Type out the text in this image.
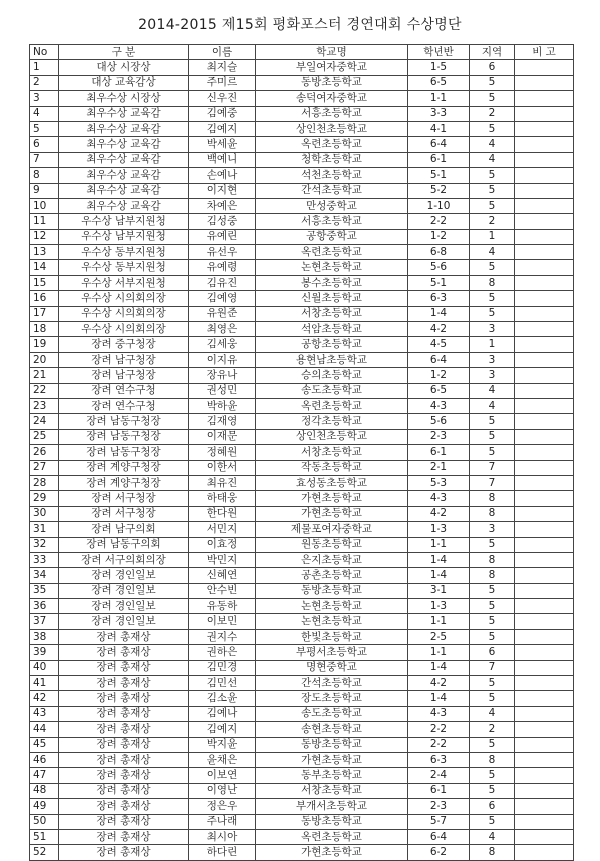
2014-2015 제15회 평화포스터 경연대회 수상명단
No	구 분	이름	학교명	학년반	지역	비 고
1	대상 시장상	최지슬	부일여자중학교	1-5	6	
2	대상 교육감상	주미르	동방초등학교	6-5	5	
3	최우수상 시장상	신우진	송덕여자중학교	1-1	5	
4	최우수상 교육감	김예중	서흥초등학교	3-3	2	
5	최우수상 교육감	김예지	상인천초등학교	4-1	5	
6	최우수상 교육감	박세윤	옥련초등학교	6-4	4	
7	최우수상 교육감	백예니	청학초등학교	6-1	4	
8	최우수상 교육감	손예나	석천초등학교	5-1	5	
9	최우수상 교육감	이지현	간석초등학교	5-2	5	
10	최우수상 교육감	차예은	만성중학교	1-10	5	
11	우수상 남부지원청	김성중	서흥초등학교	2-2	2	
12	우수상 남부지원청	유예린	공항중학교	1-2	1	
13	우수상 동부지원청	유선우	옥련초등학교	6-8	4	
14	우수상 동부지원청	유예령	논현초등학교	5-6	5	
15	우수상 서부지원청	김유진	봉수초등학교	5-1	8	
16	우수상 시의회의장	김예영	신월초등학교	6-3	5	
17	우수상 시의회의장	유원준	서창초등학교	1-4	5	
18	우수상 시의회의장	최영은	석암초등학교	4-2	3	
19	장려 중구청장	김세웅	공항초등학교	4-5	1	
20	장려 남구청장	이지유	용현남초등학교	6-4	3	
21	장려 남구청장	장유나	승의초등학교	1-2	3	
22	장려 연수구청	권성민	송도초등학교	6-5	4	
23	장려 연수구청	박하윤	옥련초등학교	4-3	4	
24	장려 남동구청장	김재영	정각초등학교	5-6	5	
25	장려 남동구청장	이재문	상인천초등학교	2-3	5	
26	장려 남동구청장	정혜원	서창초등학교	6-1	5	
27	장려 계양구청장	이한서	작동초등학교	2-1	7	
28	장려 계양구청장	최유진	효성동초등학교	5-3	7	
29	장려 서구청장	하태웅	가현초등학교	4-3	8	
30	장려 서구청장	한다원	가현초등학교	4-2	8	
31	장려 남구의회	서민지	제물포여자중학교	1-3	3	
32	장려 남동구의회	이효정	원동초등학교	1-1	5	
33	장려 서구의회의장	박민지	은지초등학교	1-4	8	
34	장려 경인일보	신혜연	공촌초등학교	1-4	8	
35	장려 경인일보	안수빈	동방초등학교	3-1	5	
36	장려 경인일보	유동하	논현초등학교	1-3	5	
37	장려 경인일보	이보민	논현초등학교	1-1	5	
38	장려 총재상	권지수	한빛초등학교	2-5	5	
39	장려 총재상	권하은	부평서초등학교	1-1	6	
40	장려 총재상	김민경	명현중학교	1-4	7	
41	장려 총재상	김민선	간석초등학교	4-2	5	
42	장려 총재상	김소윤	장도초등학교	1-4	5	
43	장려 총재상	김예나	송도초등학교	4-3	4	
44	장려 총재상	김예지	송현초등학교	2-2	2	
45	장려 총재상	박지윤	동방초등학교	2-2	5	
46	장려 총재상	윤채은	가현초등학교	6-3	8	
47	장려 총재상	이보연	동부초등학교	2-4	5	
48	장려 총재상	이영난	서창초등학교	6-1	5	
49	장려 총재상	정은우	부개서초등학교	2-3	6	
50	장려 총재상	주나래	동방초등학교	5-7	5	
51	장려 총재상	최시아	옥련초등학교	6-4	4	
52	장려 총재상	하다린	가현초등학교	6-2	8	
